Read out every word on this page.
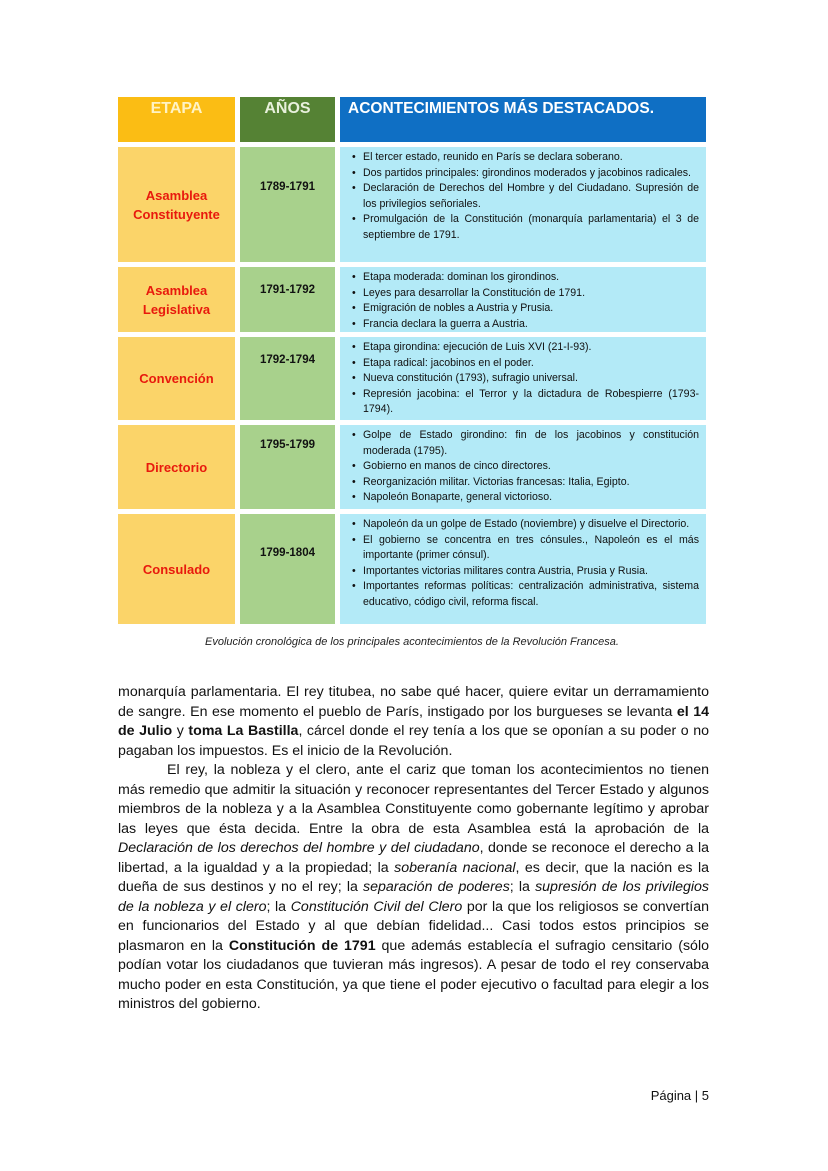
ETAPA	AÑOS	ACONTECIMIENTOS MÁS DESTACADOS.
Asamblea Constituyente
1789-1791
• El tercer estado, reunido en París se declara soberano.
• Dos partidos principales: girondinos moderados y jacobinos radicales.
• Declaración de Derechos del Hombre y del Ciudadano. Supresión de los privilegios señoriales.
• Promulgación de la Constitución (monarquía parlamentaria) el 3 de septiembre de 1791.
Asamblea Legislativa
1791-1792
• Etapa moderada: dominan los girondinos.
• Leyes para desarrollar la Constitución de 1791.
• Emigración de nobles a Austria y Prusia.
• Francia declara la guerra a Austria.
Convención
1792-1794
• Etapa girondina: ejecución de Luis XVI (21-I-93).
• Etapa radical: jacobinos en el poder.
• Nueva constitución (1793), sufragio universal.
• Represión jacobina: el Terror y la dictadura de Robespierre (1793-1794).
Directorio
1795-1799
• Golpe de Estado girondino: fin de los jacobinos y constitución moderada (1795).
• Gobierno en manos de cinco directores.
• Reorganización militar. Victorias francesas: Italia, Egipto.
• Napoleón Bonaparte, general victorioso.
Consulado
1799-1804
• Napoleón da un golpe de Estado (noviembre) y disuelve el Directorio.
• El gobierno se concentra en tres cónsules., Napoleón es el más importante (primer cónsul).
• Importantes victorias militares contra Austria, Prusia y Rusia.
• Importantes reformas políticas: centralización administrativa, sistema educativo, código civil, reforma fiscal.
Evolución cronológica de los principales acontecimientos de la Revolución Francesa.

monarquía parlamentaria. El rey titubea, no sabe qué hacer, quiere evitar un derramamiento de sangre. En ese momento el pueblo de París, instigado por los burgueses se levanta el 14 de Julio y toma La Bastilla, cárcel donde el rey tenía a los que se oponían a su poder o no pagaban los impuestos. Es el inicio de la Revolución.

El rey, la nobleza y el clero, ante el cariz que toman los acontecimientos no tienen más remedio que admitir la situación y reconocer representantes del Tercer Estado y algunos miembros de la nobleza y a la Asamblea Constituyente como gobernante legítimo y aprobar las leyes que ésta decida. Entre la obra de esta Asamblea está la aprobación de la Declaración de los derechos del hombre y del ciudadano, donde se reconoce el derecho a la libertad, a la igualdad y a la propiedad; la soberanía nacional, es decir, que la nación es la dueña de sus destinos y no el rey; la separación de poderes; la supresión de los privilegios de la nobleza y el clero; la Constitución Civil del Clero por la que los religiosos se convertían en funcionarios del Estado y al que debían fidelidad... Casi todos estos principios se plasmaron en la Constitución de 1791 que además establecía el sufragio censitario (sólo podían votar los ciudadanos que tuvieran más ingresos). A pesar de todo el rey conservaba mucho poder en esta Constitución, ya que tiene el poder ejecutivo o facultad para elegir a los ministros del gobierno.

Página | 5
